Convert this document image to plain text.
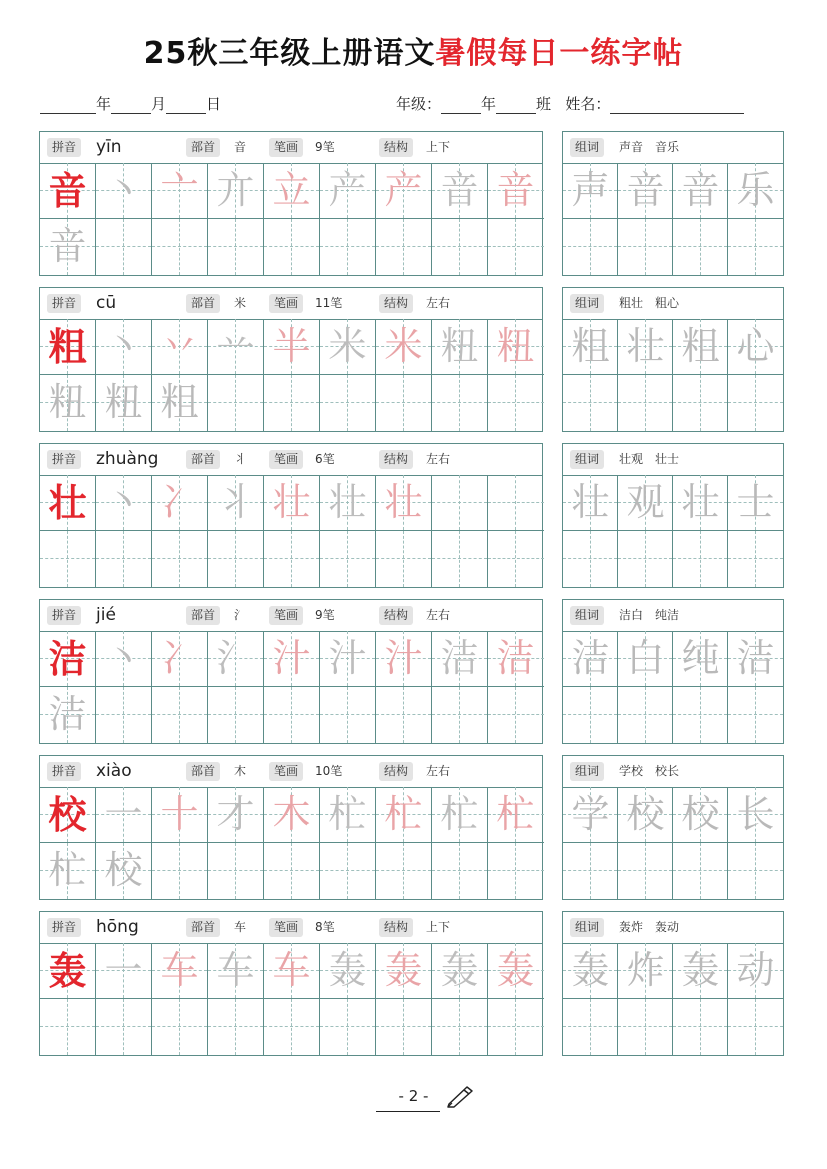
25秋三年级上册语文暑假每日一练字帖
年	月	日	年级：	年	班 姓名：
拼音 yīn	部首	音	笔画	9笔	结构	上下
音 丶 亠 亣 立 产 产 音 音
音
组词	声音　音乐
声 音 音 乐
拼音 cū	部首	米	笔画	11笔	结构	左右
粗 丶 丷 䒑 半 米 米 粈 粈
粈 粈 粗
组词	粗壮　粗心
粗 壮 粗 心
拼音 zhuàng	部首	丬	笔画	6笔	结构	左右
壮 丶 冫 丬 壮 壮 壮
组词	壮观　壮士
壮 观 壮 士
拼音 jié	部首	氵	笔画	9笔	结构	左右
洁 丶 冫 氵 汁 汁 汁 洁 洁
洁
组词	洁白　纯洁
洁 白 纯 洁
拼音 xiào	部首	木	笔画	10笔	结构	左右
校 一 十 才 木 杧 杧 杧 杧
杧 校
组词	学校　校长
学 校 校 长
拼音 hōng	部首	车	笔画	8笔	结构	上下
轰 一 车 车 车 轰 轰 轰 轰
组词	轰炸　轰动
轰 炸 轰 动
- 2 -
